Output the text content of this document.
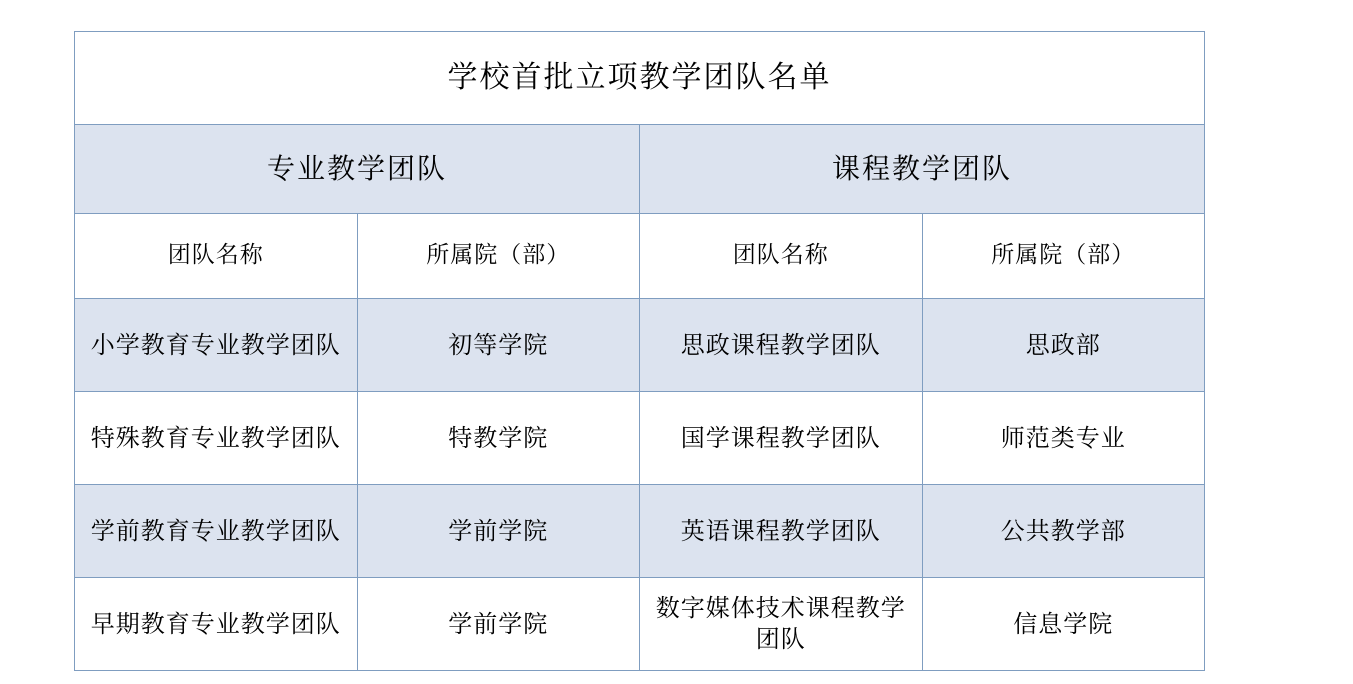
学校首批立项教学团队名单			
专业教学团队		课程教学团队	
团队名称	所属院（部）	团队名称	所属院（部）
小学教育专业教学团队	初等学院	思政课程教学团队	思政部
特殊教育专业教学团队	特教学院	国学课程教学团队	师范类专业
学前教育专业教学团队	学前学院	英语课程教学团队	公共教学部
早期教育专业教学团队	学前学院	数字媒体技术课程教学团队	信息学院
